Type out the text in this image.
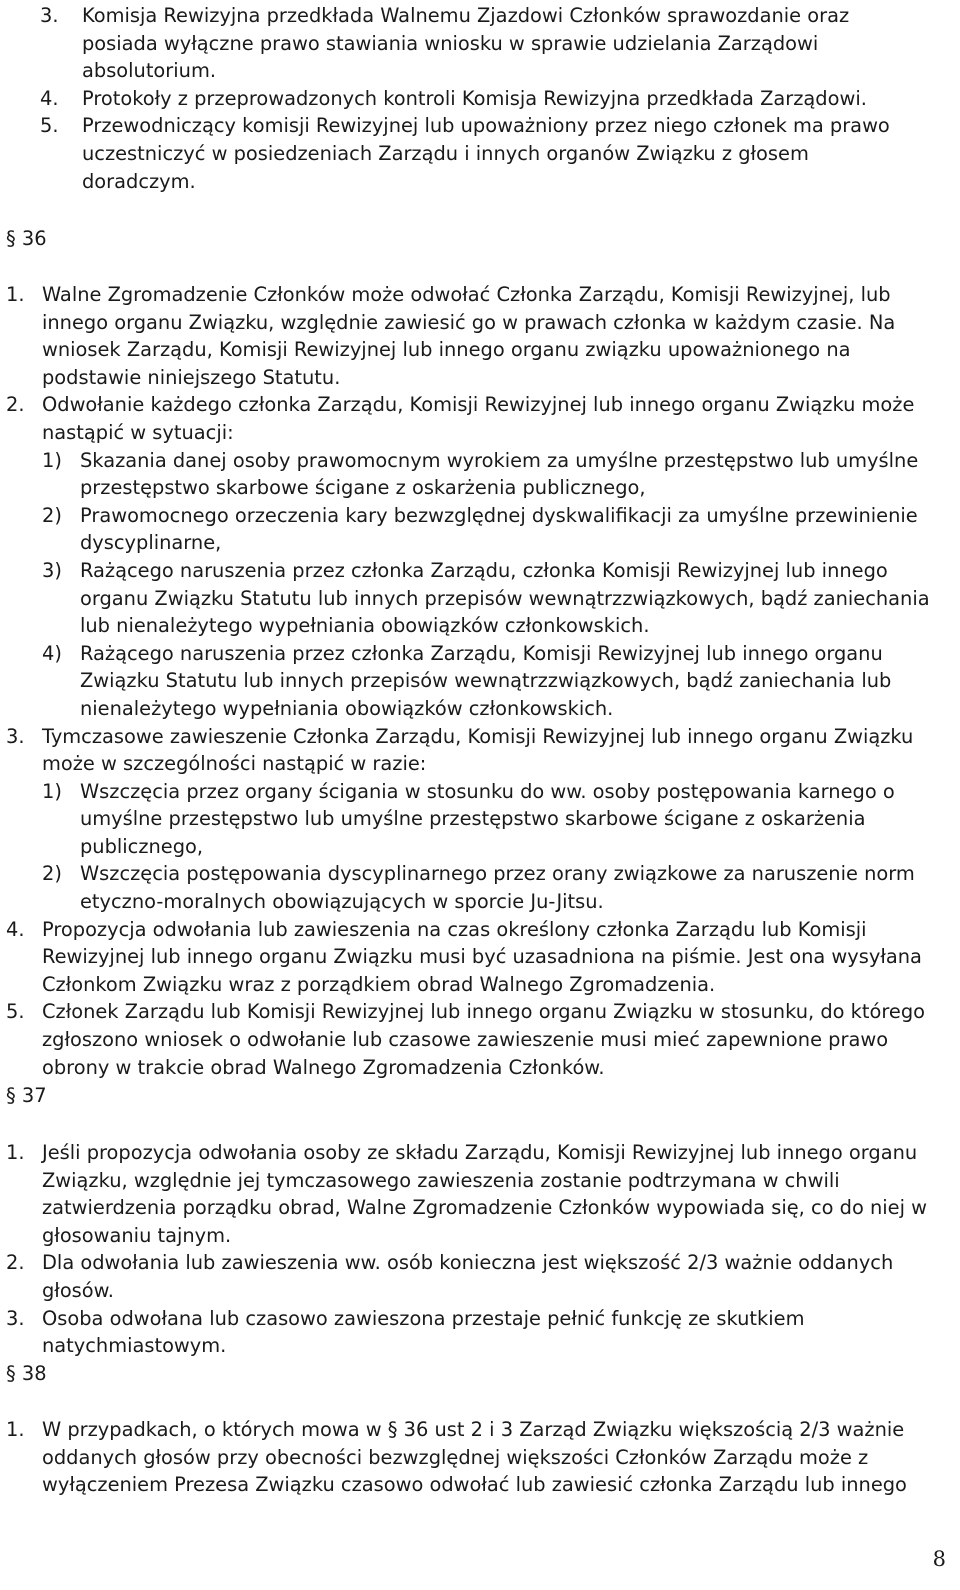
3. Komisja Rewizyjna przedkłada Walnemu Zjazdowi Członków sprawozdanie oraz posiada wyłączne prawo stawiania wniosku w sprawie udzielania Zarządowi absolutorium.
4. Protokoły z przeprowadzonych kontroli Komisja Rewizyjna przedkłada Zarządowi.
5. Przewodniczący komisji Rewizyjnej lub upoważniony przez niego członek ma prawo uczestniczyć w posiedzeniach Zarządu i innych organów Związku z głosem doradczym.
§ 36
1. Walne Zgromadzenie Członków może odwołać Członka Zarządu, Komisji Rewizyjnej, lub innego organu Związku, względnie zawiesić go w prawach członka w każdym czasie. Na wniosek Zarządu, Komisji Rewizyjnej lub innego organu związku upoważnionego na podstawie niniejszego Statutu.
2. Odwołanie każdego członka Zarządu, Komisji Rewizyjnej lub innego organu Związku może nastąpić w sytuacji:
1) Skazania danej osoby prawomocnym wyrokiem za umyślne przestępstwo lub umyślne przestępstwo skarbowe ścigane z oskarżenia publicznego,
2) Prawomocnego orzeczenia kary bezwzględnej dyskwalifikacji za umyślne przewinienie dyscyplinarne,
3) Rażącego naruszenia przez członka Zarządu, członka Komisji Rewizyjnej lub innego organu Związku Statutu lub innych przepisów wewnątrzzwiązkowych, bądź zaniechania lub nienależytego wypełniania obowiązków członkowskich.
4) Rażącego naruszenia przez członka Zarządu, Komisji Rewizyjnej lub innego organu Związku Statutu lub innych przepisów wewnątrzzwiązkowych, bądź zaniechania lub nienależytego wypełniania obowiązków członkowskich.
3. Tymczasowe zawieszenie Członka Zarządu, Komisji Rewizyjnej lub innego organu Związku może w szczególności nastąpić w razie:
1) Wszczęcia przez organy ścigania w stosunku do ww. osoby postępowania karnego o umyślne przestępstwo lub umyślne przestępstwo skarbowe ścigane z oskarżenia publicznego,
2) Wszczęcia postępowania dyscyplinarnego przez orany związkowe za naruszenie norm etyczno-moralnych obowiązujących w sporcie Ju-Jitsu.
4. Propozycja odwołania lub zawieszenia na czas określony członka Zarządu lub Komisji Rewizyjnej lub innego organu Związku musi być uzasadniona na piśmie. Jest ona wysyłana Członkom Związku wraz z porządkiem obrad Walnego Zgromadzenia.
5. Członek Zarządu lub Komisji Rewizyjnej lub innego organu Związku w stosunku, do którego zgłoszono wniosek o odwołanie lub czasowe zawieszenie musi mieć zapewnione prawo obrony w trakcie obrad Walnego Zgromadzenia Członków.
§ 37
1. Jeśli propozycja odwołania osoby ze składu Zarządu, Komisji Rewizyjnej lub innego organu Związku, względnie jej tymczasowego zawieszenia zostanie podtrzymana w chwili zatwierdzenia porządku obrad, Walne Zgromadzenie Członków wypowiada się, co do niej w głosowaniu tajnym.
2. Dla odwołania lub zawieszenia ww. osób konieczna jest większość 2/3 ważnie oddanych głosów.
3. Osoba odwołana lub czasowo zawieszona przestaje pełnić funkcję ze skutkiem natychmiastowym.
§ 38
1. W przypadkach, o których mowa w § 36 ust 2 i 3 Zarząd Związku większością 2/3 ważnie oddanych głosów przy obecności bezwzględnej większości Członków Zarządu może z wyłączeniem Prezesa Związku czasowo odwołać lub zawiesić członka Zarządu lub innego
8
